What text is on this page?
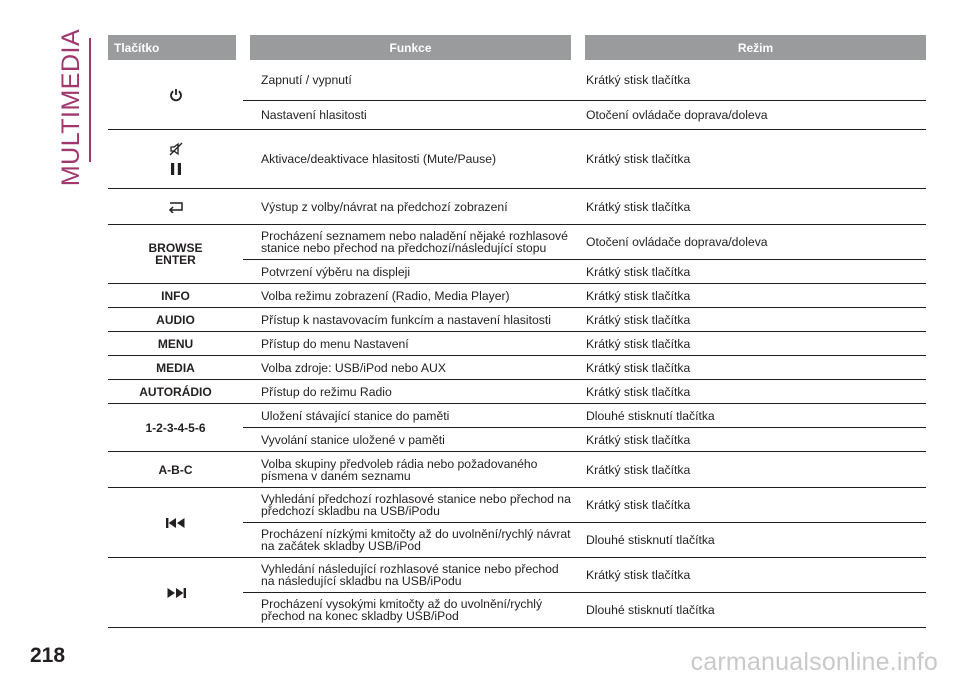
MULTIMEDIA Tlačítko	Funkce	Režim

	Zapnutí / vypnutí	Krátký stisk tlačítka
	Nastavení hlasitosti	Otočení ovládače doprava/doleva

	Aktivace/deaktivace hlasitosti (Mute/Pause)	Krátký stisk tlačítka

	Výstup z volby/návrat na předchozí zobrazení	Krátký stisk tlačítka
BROWSE ENTER	Procházení seznamem nebo naladění nějaké rozhlasové stanice nebo přechod na předchozí/následující stopu	Otočení ovládače doprava/doleva
	Potvrzení výběru na displeji	Krátký stisk tlačítka
INFO	Volba režimu zobrazení (Radio, Media Player)	Krátký stisk tlačítka
AUDIO	Přístup k nastavovacím funkcím a nastavení hlasitosti	Krátký stisk tlačítka
MENU	Přístup do menu Nastavení	Krátký stisk tlačítka
MEDIA	Volba zdroje: USB/iPod nebo AUX	Krátký stisk tlačítka
AUTORÁDIO	Přístup do režimu Radio	Krátký stisk tlačítka
1-2-3-4-5-6	Uložení stávající stanice do paměti	Dlouhé stisknutí tlačítka
	Vyvolání stanice uložené v paměti	Krátký stisk tlačítka
A-B-C	Volba skupiny předvoleb rádia nebo požadovaného písmena v daném seznamu	Krátký stisk tlačítka

	Vyhledání předchozí rozhlasové stanice nebo přechod na předchozí skladbu na USB/iPodu	Krátký stisk tlačítka
	Procházení nízkými kmitočty až do uvolnění/rychlý návrat na začátek skladby USB/iPod	Dlouhé stisknutí tlačítka

	Vyhledání následující rozhlasové stanice nebo přechod na následující skladbu na USB/iPodu	Krátký stisk tlačítka
	Procházení vysokými kmitočty až do uvolnění/rychlý přechod na konec skladby USB/iPod	Dlouhé stisknutí tlačítka
218	carmanualsonline.info
